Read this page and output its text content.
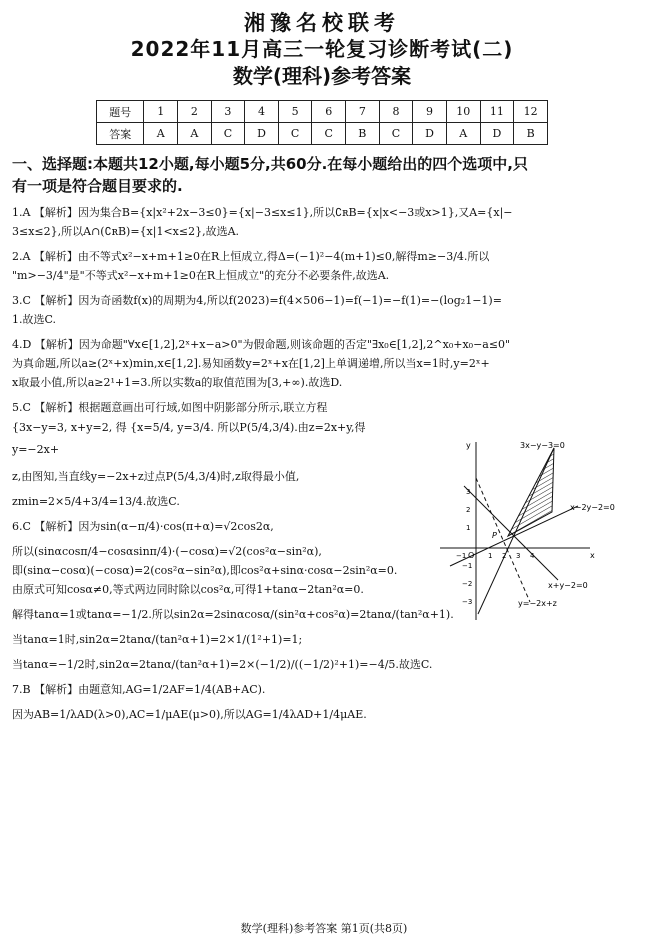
湘豫名校联考
2022年11月高三一轮复习诊断考试(二)
数学(理科)参考答案
题号	1	2	3	4	5	6	7	8	9	10	11	12
答案	A	A	C	D	C	C	B	C	D	A	D	B
一、选择题:本题共12小题,每小题5分,共60分.在每小题给出的四个选项中,只
有一项是符合题目要求的.
1.A 【解析】因为集合B={x|x²+2x−3≤0}={x|−3≤x≤1},所以∁ʀB={x|x<−3或x>1},又A={x|−
3≤x≤2},所以A∩(∁ʀB)={x|1<x≤2},故选A.
2.A 【解析】由不等式x²−x+m+1≥0在R上恒成立,得Δ=(−1)²−4(m+1)≤0,解得m≥−3/4.所以
"m>−3/4"是"不等式x²−x+m+1≥0在R上恒成立"的充分不必要条件,故选A.
3.C 【解析】因为奇函数f(x)的周期为4,所以f(2023)=f(4×506−1)=f(−1)=−f(1)=−(log₂1−1)=
1.故选C.
4.D 【解析】因为命题"∀x∈[1,2],2ˣ+x−a>0"为假命题,则该命题的否定"∃x₀∈[1,2],2^x₀+x₀−a≤0"
为真命题,所以a≥(2ˣ+x)min,x∈[1,2].易知函数y=2ˣ+x在[1,2]上单调递增,所以当x=1时,y=2ˣ+
x取最小值,所以a≥2¹+1=3.所以实数a的取值范围为[3,+∞).故选D.
5.C 【解析】根据题意画出可行域,如图中阴影部分所示,联立方程
{3x−y=3, x+y=2, 得 {x=5/4, y=3/4. 所以P(5/4,3/4).由z=2x+y,得y=−2x+
z,由图知,当直线y=−2x+z过点P(5/4,3/4)时,z取得最小值,
zmin=2×5/4+3/4=13/4.故选C.
6.C 【解析】因为sin(α−π/4)·cos(π+α)=√2cos2α,
所以(sinαcosπ/4−cosαsinπ/4)·(−cosα)=√2(cos²α−sin²α),
即(sinα−cosα)(−cosα)=2(cos²α−sin²α),即cos²α+sinα·cosα−2sin²α=0.
由原式可知cosα≠0,等式两边同时除以cos²α,可得1+tanα−2tan²α=0.
解得tanα=1或tanα=−1/2.所以sin2α=2sinαcosα/(sin²α+cos²α)=2tanα/(tan²α+1).
当tanα=1时,sin2α=2tanα/(tan²α+1)=2×1/(1²+1)=1;
当tanα=−1/2时,sin2α=2tanα/(tan²α+1)=2×(−1/2)/((−1/2)²+1)=−4/5.故选C.
7.B 【解析】由题意知,AG=1/2AF=1/4(AB+AC).
因为AB=1/λAD(λ>0),AC=1/μAE(μ>0),所以AG=1/4λAD+1/4μAE.
3x−y−3=0
x−2y−2=0
x+y−2=0
y=−2x+z
P
O	x
y
−1	1 2 3 4
3
2
1
−1
−2
−3
数学(理科)参考答案 第1页(共8页)
